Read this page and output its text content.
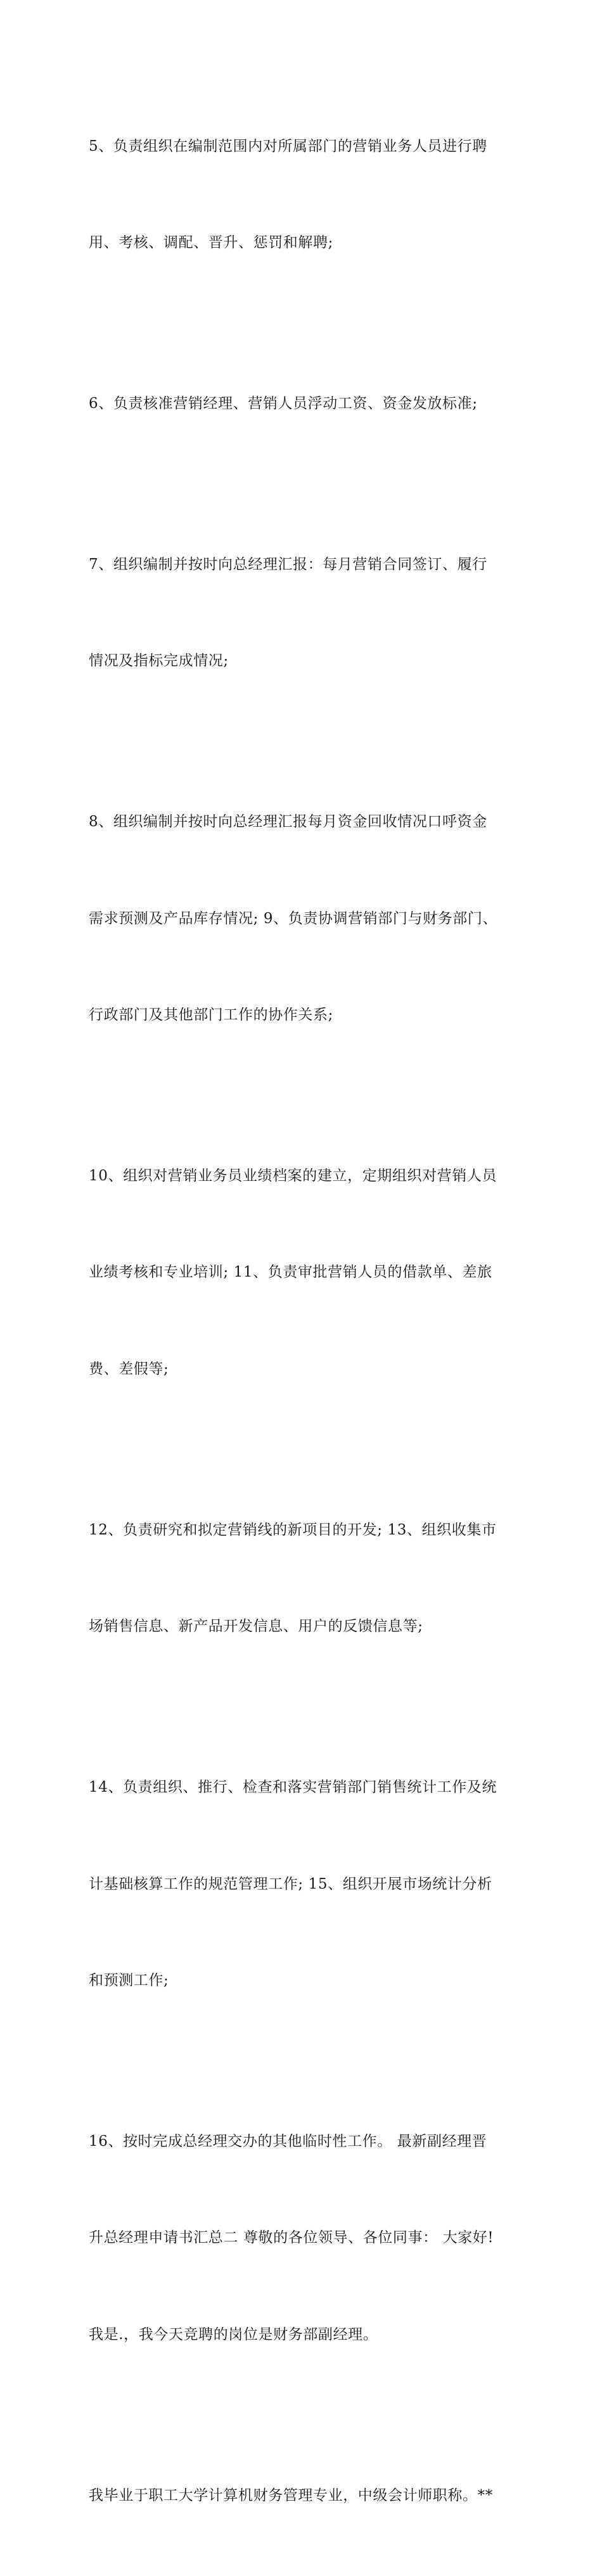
5、负责组织在编制范围内对所属部门的营销业务人员进行聘

用、考核、调配、晋升、惩罚和解聘;

6、负责核准营销经理、营销人员浮动工资、资金发放标准;

7、组织编制并按时向总经理汇报：每月营销合同签订、履行

情况及指标完成情况;

8、组织编制并按时向总经理汇报每月资金回收情况口呼资金

需求预测及产品库存情况; 9、负责协调营销部门与财务部门、

行政部门及其他部门工作的协作关系;

10、组织对营销业务员业绩档案的建立，定期组织对营销人员

业绩考核和专业培训; 11、负责审批营销人员的借款单、差旅

费、差假等;

12、负责研究和拟定营销线的新项目的开发; 13、组织收集市

场销售信息、新产品开发信息、用户的反馈信息等;

14、负责组织、推行、检查和落实营销部门销售统计工作及统

计基础核算工作的规范管理工作; 15、组织开展市场统计分析

和预测工作;

16、按时完成总经理交办的其他临时性工作。 最新副经理晋

升总经理申请书汇总二 尊敬的各位领导、各位同事： 大家好!

我是.，我今天竞聘的岗位是财务部副经理。

我毕业于职工大学计算机财务管理专业，中级会计师职称。**
